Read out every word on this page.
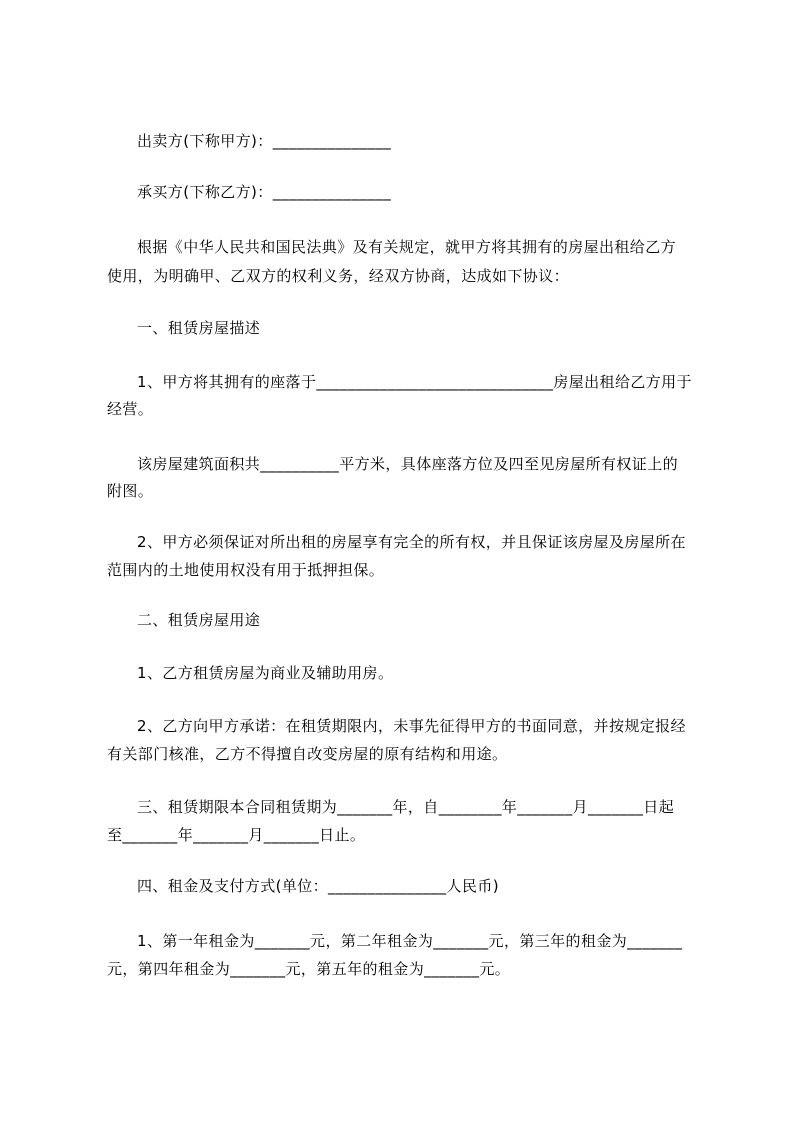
出卖方(下称甲方)：_______________
承买方(下称乙方)：_______________
根据《中华人民共和国民法典》及有关规定，就甲方将其拥有的房屋出租给乙方
使用，为明确甲、乙双方的权利义务，经双方协商，达成如下协议：
一、租赁房屋描述
1、甲方将其拥有的座落于______________________________房屋出租给乙方用于
经营。
该房屋建筑面积共__________平方米，具体座落方位及四至见房屋所有权证上的
附图。
2、甲方必须保证对所出租的房屋享有完全的所有权，并且保证该房屋及房屋所在
范围内的土地使用权没有用于抵押担保。
二、租赁房屋用途
1、乙方租赁房屋为商业及辅助用房。
2、乙方向甲方承诺：在租赁期限内，未事先征得甲方的书面同意，并按规定报经
有关部门核准，乙方不得擅自改变房屋的原有结构和用途。
三、租赁期限本合同租赁期为_______年，自________年_______月_______日起
至_______年_______月_______日止。
四、租金及支付方式(单位：_______________人民币)
1、第一年租金为_______元，第二年租金为_______元，第三年的租金为_______
元，第四年租金为_______元，第五年的租金为_______元。
